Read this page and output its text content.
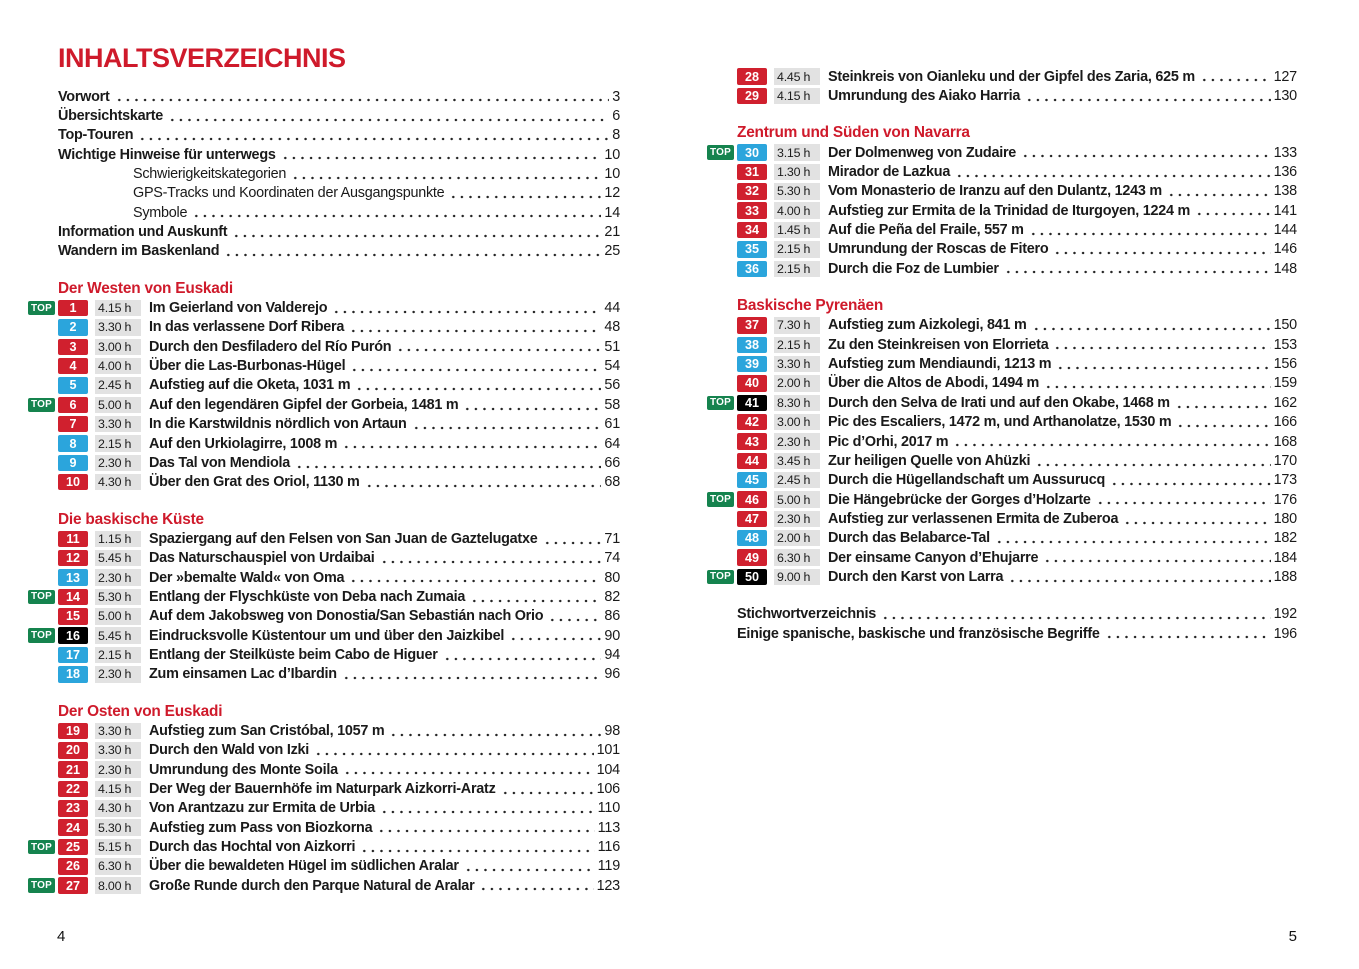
INHALTSVERZEICHNIS
Vorwort	3
Übersichtskarte	6
Top-Touren	8
Wichtige Hinweise für unterwegs	10
Schwierigkeitskategorien	10
GPS-Tracks und Koordinaten der Ausgangspunkte	12
Symbole	14
Information und Auskunft	21
Wandern im Baskenland	25
Der Westen von Euskadi
TOP	1	4.15 h	Im Geierland von Valderejo	44
2	3.30 h	In das verlassene Dorf Ribera	48
3	3.00 h	Durch den Desfiladero del Río Purón	51
4	4.00 h	Über die Las-Burbonas-Hügel	54
5	2.45 h	Aufstieg auf die Oketa, 1031 m	56
TOP	6	5.00 h	Auf den legendären Gipfel der Gorbeia, 1481 m	58
7	3.30 h	In die Karstwildnis nördlich von Artaun	61
8	2.15 h	Auf den Urkiolagirre, 1008 m	64
9	2.30 h	Das Tal von Mendiola	66
10	4.30 h	Über den Grat des Oriol, 1130 m	68
Die baskische Küste
11	1.15 h	Spaziergang auf den Felsen von San Juan de Gaztelugatxe	71
12	5.45 h	Das Naturschauspiel von Urdaibai	74
13	2.30 h	Der »bemalte Wald« von Oma	80
TOP	14	5.30 h	Entlang der Flyschküste von Deba nach Zumaia	82
15	5.00 h	Auf dem Jakobsweg von Donostia/San Sebastián nach Orio	86
TOP	16	5.45 h	Eindrucksvolle Küstentour um und über den Jaizkibel	90
17	2.15 h	Entlang der Steilküste beim Cabo de Higuer	94
18	2.30 h	Zum einsamen Lac d’Ibardin	96
Der Osten von Euskadi
19	3.30 h	Aufstieg zum San Cristóbal, 1057 m	98
20	3.30 h	Durch den Wald von Izki	101
21	2.30 h	Umrundung des Monte Soila	104
22	4.15 h	Der Weg der Bauernhöfe im Naturpark Aizkorri-Aratz	106
23	4.30 h	Von Arantzazu zur Ermita de Urbia	110
24	5.30 h	Aufstieg zum Pass von Biozkorna	113
TOP	25	5.15 h	Durch das Hochtal von Aizkorri	116
26	6.30 h	Über die bewaldeten Hügel im südlichen Aralar	119
TOP	27	8.00 h	Große Runde durch den Parque Natural de Aralar	123
28	4.45 h	Steinkreis von Oianleku und der Gipfel des Zaria, 625 m	127
29	4.15 h	Umrundung des Aiako Harria	130
Zentrum und Süden von Navarra
TOP	30	3.15 h	Der Dolmenweg von Zudaire	133
31	1.30 h	Mirador de Lazkua	136
32	5.30 h	Vom Monasterio de Iranzu auf den Dulantz, 1243 m	138
33	4.00 h	Aufstieg zur Ermita de la Trinidad de Iturgoyen, 1224 m	141
34	1.45 h	Auf die Peña del Fraile, 557 m	144
35	2.15 h	Umrundung der Roscas de Fitero	146
36	2.15 h	Durch die Foz de Lumbier	148
Baskische Pyrenäen
37	7.30 h	Aufstieg zum Aizkolegi, 841 m	150
38	2.15 h	Zu den Steinkreisen von Elorrieta	153
39	3.30 h	Aufstieg zum Mendiaundi, 1213 m	156
40	2.00 h	Über die Altos de Abodi, 1494 m	159
TOP	41	8.30 h	Durch den Selva de Irati und auf den Okabe, 1468 m	162
42	3.00 h	Pic des Escaliers, 1472 m, und Arthanolatze, 1530 m	166
43	2.30 h	Pic d’Orhi, 2017 m	168
44	3.45 h	Zur heiligen Quelle von Ahüzki	170
45	2.45 h	Durch die Hügellandschaft um Aussurucq	173
TOP	46	5.00 h	Die Hängebrücke der Gorges d’Holzarte	176
47	2.30 h	Aufstieg zur verlassenen Ermita de Zuberoa	180
48	2.00 h	Durch das Belabarce-Tal	182
49	6.30 h	Der einsame Canyon d’Ehujarre	184
TOP	50	9.00 h	Durch den Karst von Larra	188
Stichwortverzeichnis	192
Einige spanische, baskische und französische Begriffe	196
4	5
